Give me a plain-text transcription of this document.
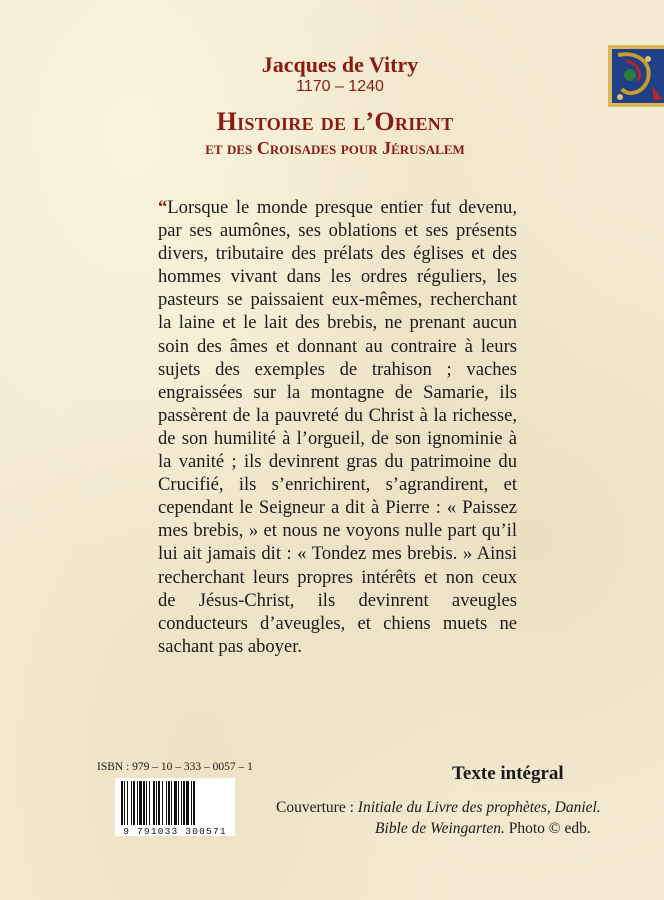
Jacques de Vitry
1170 – 1240
Histoire de l’Orient
et des Croisades pour Jérusalem
“Lorsque le monde presque entier fut devenu, par ses aumônes, ses oblations et ses présents divers, tributaire des prélats des églises et des hommes vivant dans les ordres réguliers, les pasteurs se paissaient eux-mêmes, recherchant la laine et le lait des brebis, ne prenant aucun soin des âmes et donnant au contraire à leurs sujets des exemples de trahison ; vaches engraissées sur la montagne de Samarie, ils passèrent de la pauvreté du Christ à la richesse, de son humilité à l’orgueil, de son ignominie à la vanité ; ils devinrent gras du patrimoine du Crucifié, ils s’enrichirent, s’agrandirent, et cependant le Seigneur a dit à Pierre : « Paissez mes brebis, » et nous ne voyons nulle part qu’il lui ait jamais dit : « Tondez mes brebis. » Ainsi recherchant leurs propres intérêts et non ceux de Jésus-Christ, ils devinrent aveugles conducteurs d’aveugles, et chiens muets ne sachant pas aboyer.
ISBN : 979 – 10 – 333 – 0057 – 1
9 791033 300571
Texte intégral
Couverture : Initiale du Livre des prophètes, Daniel.
Bible de Weingarten. Photo © edb.
